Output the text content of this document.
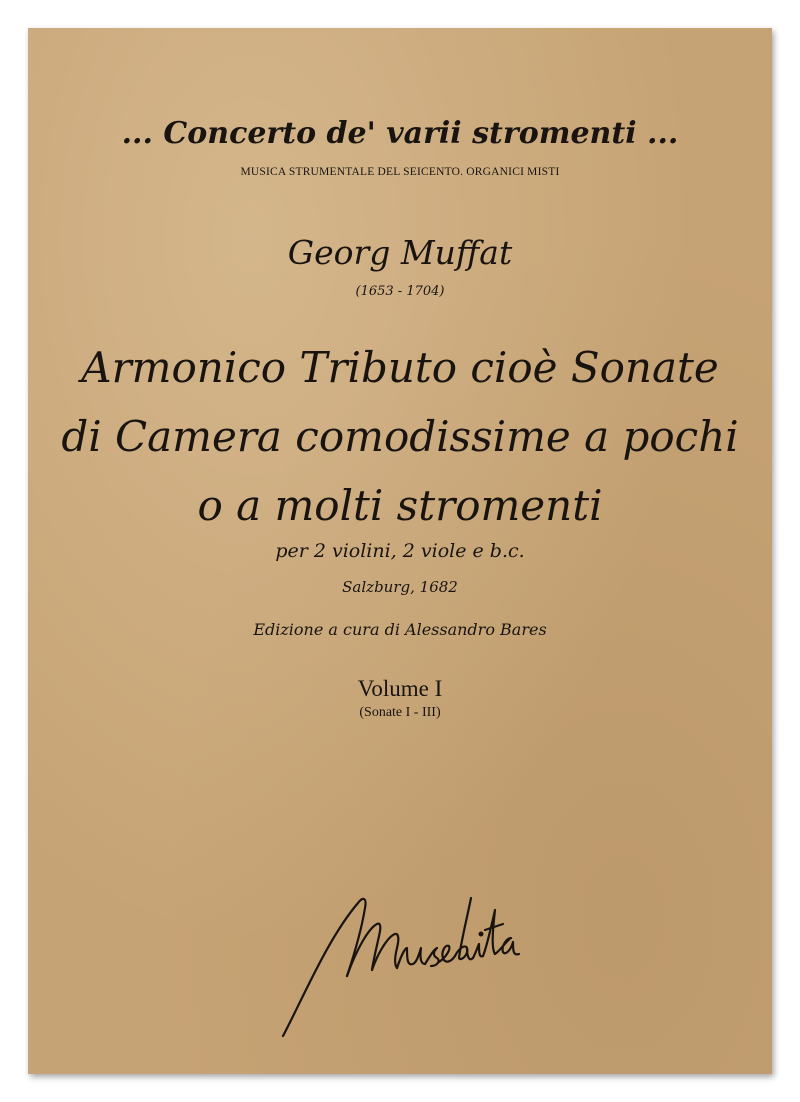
... Concerto de' varii stromenti ...
MUSICA STRUMENTALE DEL SEICENTO. ORGANICI MISTI
Georg Muffat
(1653 - 1704)
Armonico Tributo cioè Sonate
di Camera comodissime a pochi
o a molti stromenti
per 2 violini, 2 viole e b.c.
Salzburg, 1682
Edizione a cura di Alessandro Bares
Volume I
(Sonate I - III)
